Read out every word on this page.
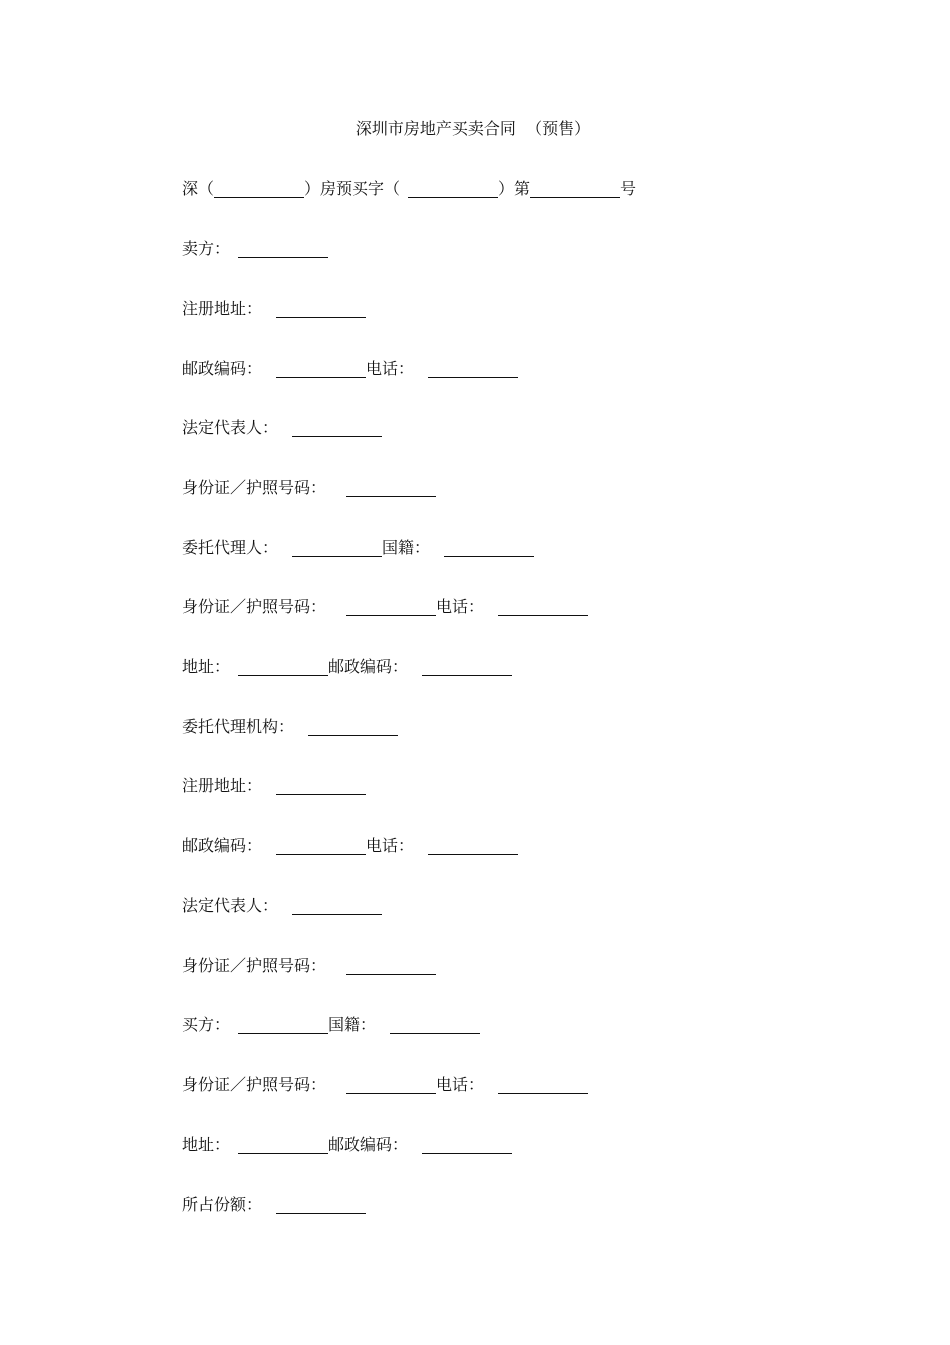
深圳市房地产买卖合同  （预售）
深（	）房预买字（	）第	号
卖方：
注册地址：
邮政编码：	电话：
法定代表人：
身份证／护照号码：
委托代理人：	国籍：
身份证／护照号码：	电话：
地址：	邮政编码：
委托代理机构：
注册地址：
邮政编码：	电话：
法定代表人：
身份证／护照号码：
买方：	国籍：
身份证／护照号码：	电话：
地址：	邮政编码：
所占份额：
